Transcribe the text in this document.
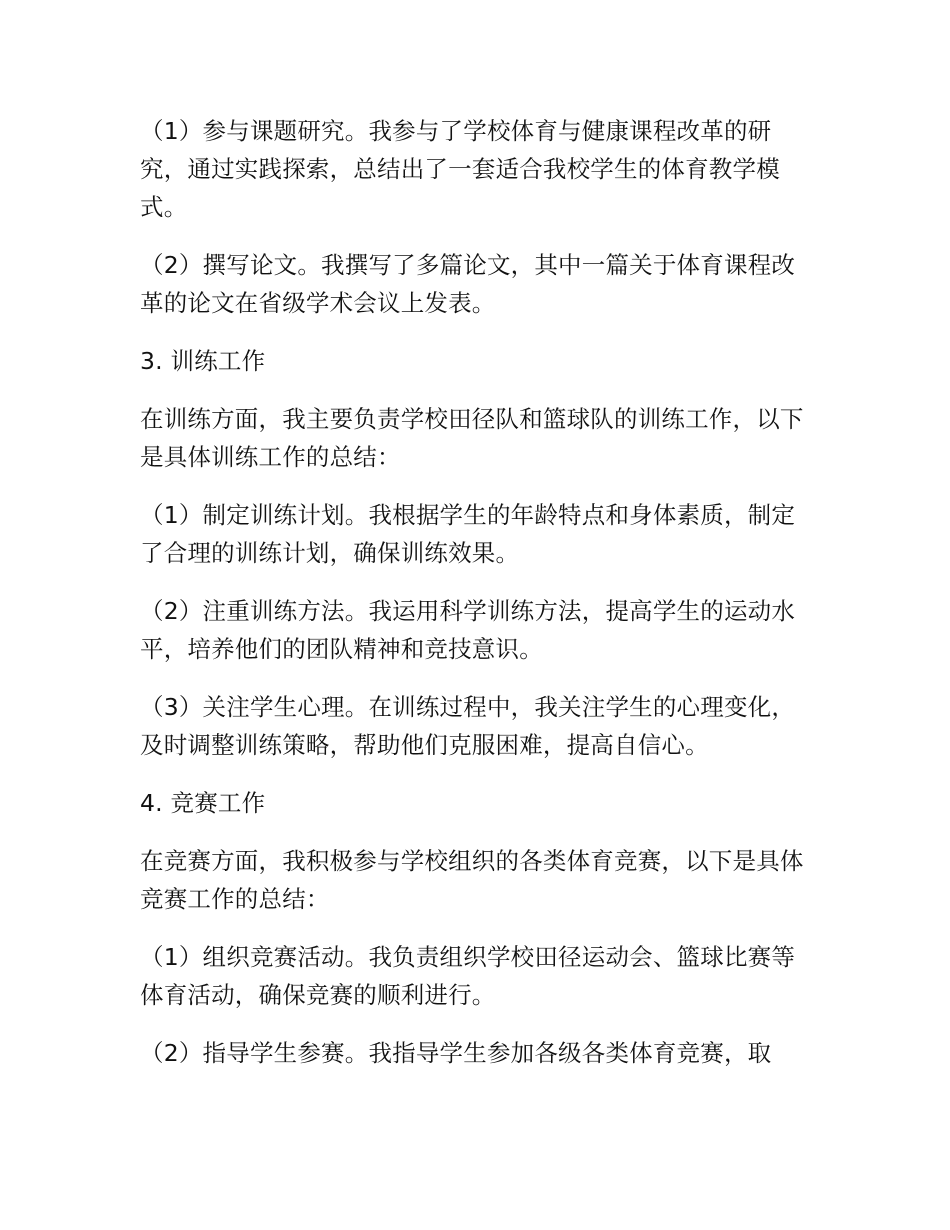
（1）参与课题研究。我参与了学校体育与健康课程改革的研究，通过实践探索，总结出了一套适合我校学生的体育教学模式。

（2）撰写论文。我撰写了多篇论文，其中一篇关于体育课程改革的论文在省级学术会议上发表。

3. 训练工作

在训练方面，我主要负责学校田径队和篮球队的训练工作，以下是具体训练工作的总结：

（1）制定训练计划。我根据学生的年龄特点和身体素质，制定了合理的训练计划，确保训练效果。

（2）注重训练方法。我运用科学训练方法，提高学生的运动水平，培养他们的团队精神和竞技意识。

（3）关注学生心理。在训练过程中，我关注学生的心理变化，及时调整训练策略，帮助他们克服困难，提高自信心。

4. 竞赛工作

在竞赛方面，我积极参与学校组织的各类体育竞赛，以下是具体竞赛工作的总结：

（1）组织竞赛活动。我负责组织学校田径运动会、篮球比赛等体育活动，确保竞赛的顺利进行。

（2）指导学生参赛。我指导学生参加各级各类体育竞赛，取
